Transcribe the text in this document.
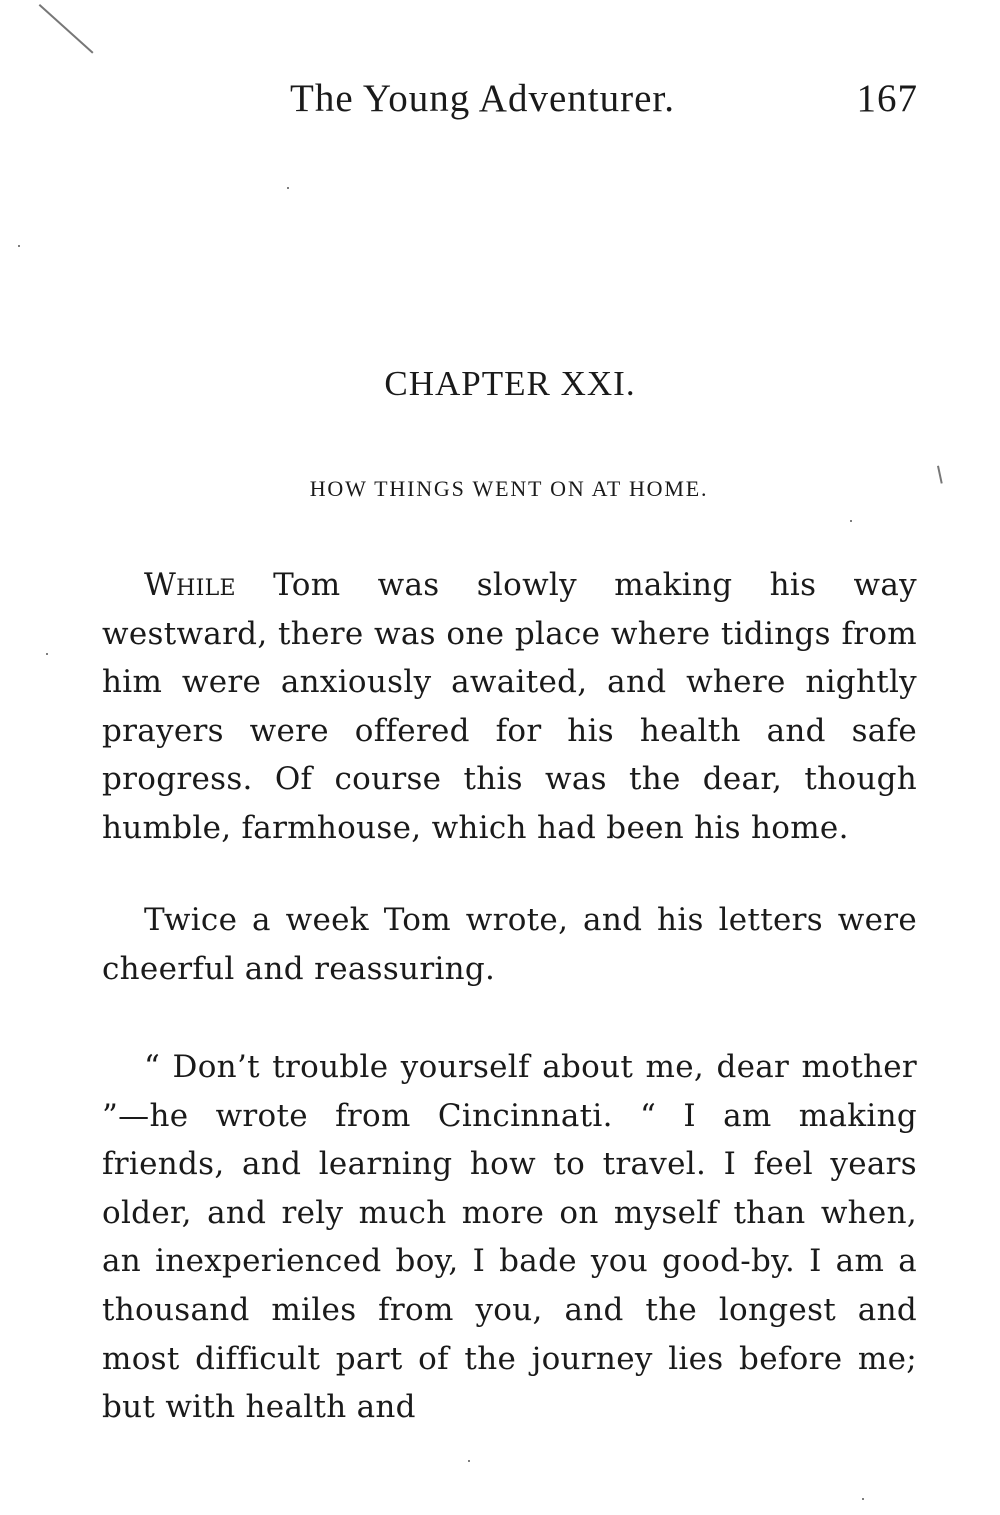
The Young Adventurer.	167
CHAPTER XXI.
HOW THINGS WENT ON AT HOME.

While Tom was slowly making his way westward, there was one place where tidings from him were anxiously awaited, and where nightly prayers were offered for his health and safe progress. Of course this was the dear, though humble, farmhouse, which had been his home.

Twice a week Tom wrote, and his letters were cheerful and reassuring.

“ Don’t trouble yourself about me, dear mother ”—he wrote from Cincinnati. “ I am making friends, and learning how to travel. I feel years older, and rely much more on myself than when, an inexperienced boy, I bade you good-by. I am a thousand miles from you, and the longest and most difficult part of the journey lies before me; but with health and
